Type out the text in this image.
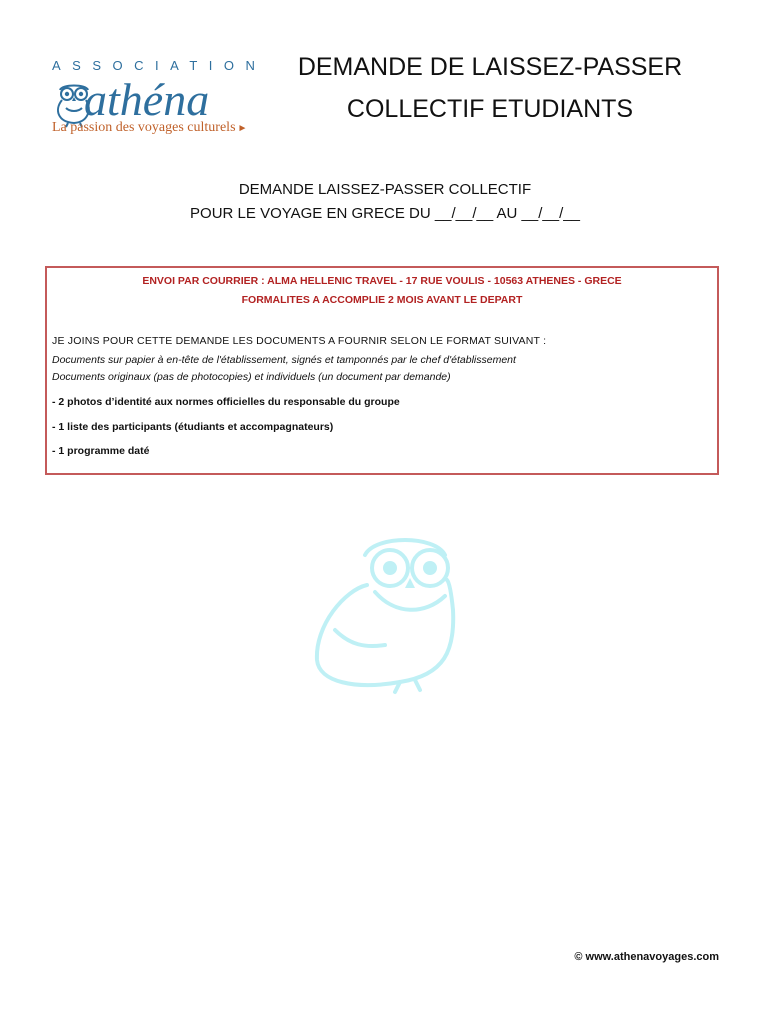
ASSOCIATION
athéna
La passion des voyages culturels ►
DEMANDE DE LAISSEZ-PASSER
COLLECTIF ETUDIANTS
DEMANDE LAISSEZ-PASSER COLLECTIF
POUR LE VOYAGE EN GRECE DU __/__/__ AU __/__/__
ENVOI PAR COURRIER : ALMA HELLENIC TRAVEL - 17 RUE VOULIS - 10563 ATHENES - GRECE
FORMALITES A ACCOMPLIE 2 MOIS AVANT LE DEPART
JE JOINS POUR CETTE DEMANDE LES DOCUMENTS A FOURNIR SELON LE FORMAT SUIVANT :
Documents sur papier à en-tête de l'établissement, signés et tamponnés par le chef d'établissement
Documents originaux (pas de photocopies) et individuels (un document par demande)
- 2 photos d’identité aux normes officielles du responsable du groupe
- 1 liste des participants (étudiants et accompagnateurs)
- 1 programme daté
© www.athenavoyages.com
